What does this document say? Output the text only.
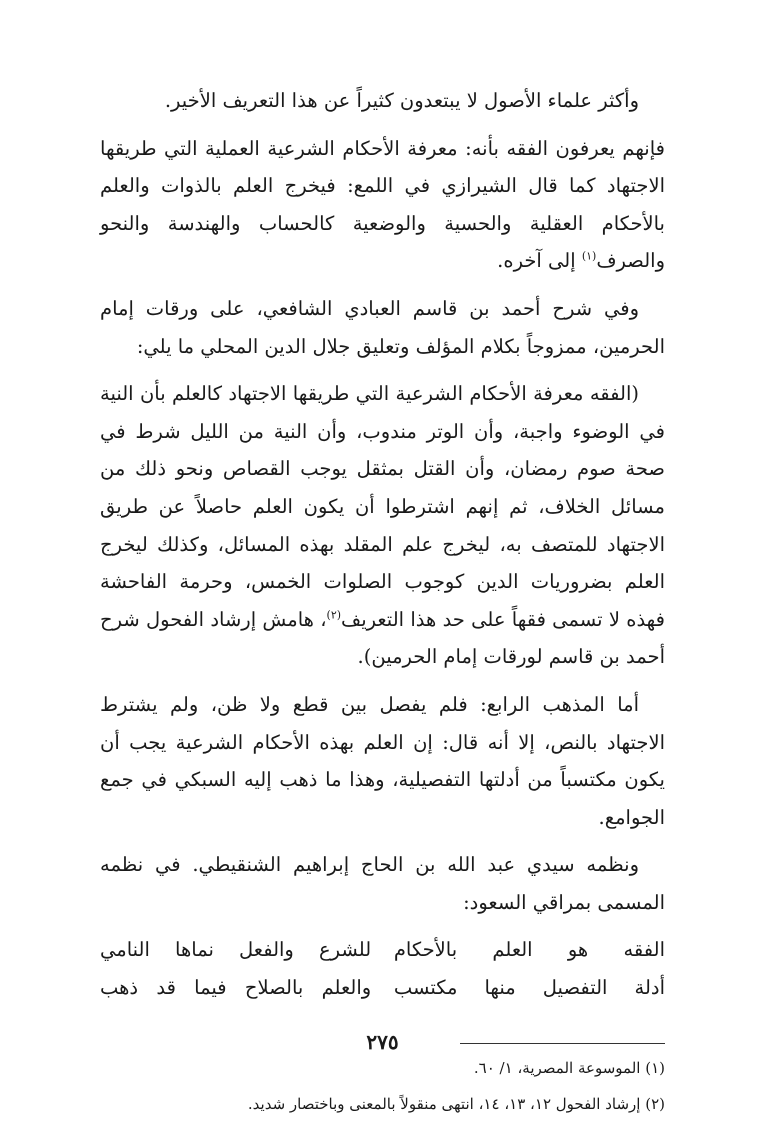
وأكثر علماء الأصول لا يبتعدون كثيراً عن هذا التعريف الأخير.

فإنهم يعرفون الفقه بأنه: معرفة الأحكام الشرعية العملية التي طريقها الاجتهاد كما قال الشيرازي في اللمع: فيخرج العلم بالذوات والعلم بالأحكام العقلية والحسية والوضعية كالحساب والهندسة والنحو والصرف$^{(١)}$ إلى آخره.

وفي شرح أحمد بن قاسم العبادي الشافعي، على ورقات إمام الحرمين، ممزوجاً بكلام المؤلف وتعليق جلال الدين المحلي ما يلي:

(الفقه معرفة الأحكام الشرعية التي طريقها الاجتهاد كالعلم بأن النية في الوضوء واجبة، وأن الوتر مندوب، وأن النية من الليل شرط في صحة صوم رمضان، وأن القتل بمثقل يوجب القصاص ونحو ذلك من مسائل الخلاف، ثم إنهم اشترطوا أن يكون العلم حاصلاً عن طريق الاجتهاد للمتصف به، ليخرج علم المقلد بهذه المسائل، وكذلك ليخرج العلم بضروريات الدين كوجوب الصلوات الخمس، وحرمة الفاحشة فهذه لا تسمى فقهاً على حد هذا التعريف$^{(٢)}$، هامش إرشاد الفحول شرح أحمد بن قاسم لورقات إمام الحرمين).

أما المذهب الرابع: فلم يفصل بين قطع ولا ظن، ولم يشترط الاجتهاد بالنص، إلا أنه قال: إن العلم بهذه الأحكام الشرعية يجب أن يكون مكتسباً من أدلتها التفصيلية، وهذا ما ذهب إليه السبكي في جمع الجوامع.

ونظمه سيدي عبد الله بن الحاج إبراهيم الشنقيطي. في نظمه المسمى بمراقي السعود:

الفقه هو العلم بالأحكام
للشرع والفعل نماها النامي
أدلة التفصيل منها مكتسب
والعلم بالصلاح فيما قد ذهب

(١) الموسوعة المصرية، ١/ ٦٠.

(٢) إرشاد الفحول ١٢، ١٣، ١٤، انتهى منقولاً بالمعنى وباختصار شديد.

٢٧٥
